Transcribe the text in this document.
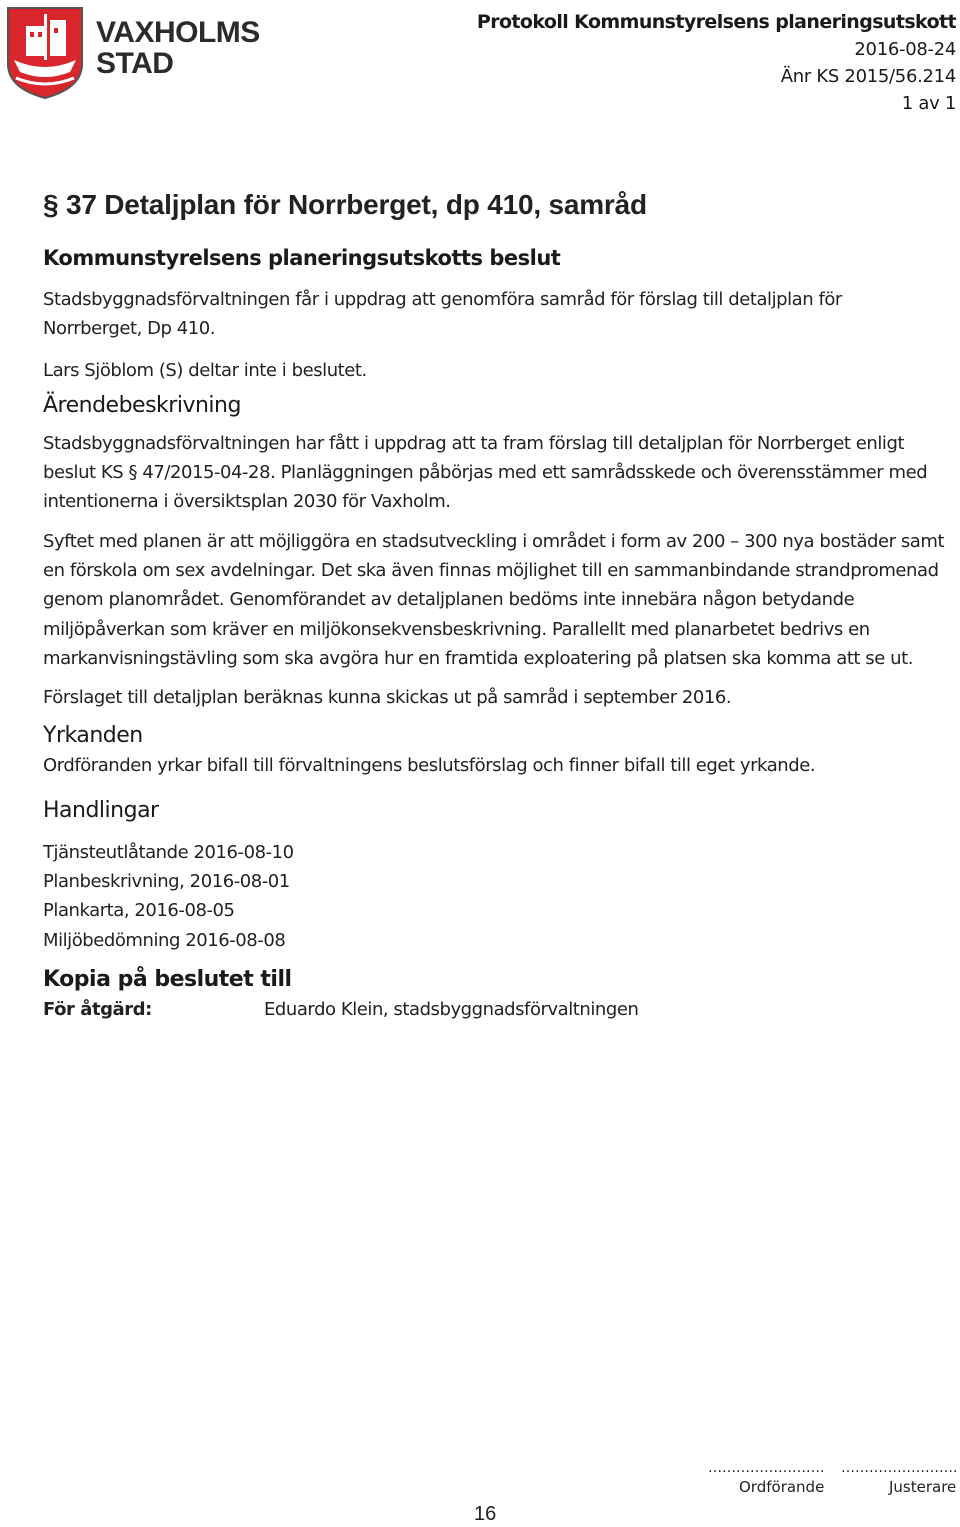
VAXHOLMS
STAD
Protokoll Kommunstyrelsens planeringsutskott
2016-08-24
Änr KS 2015/56.214
1 av 1
§ 37 Detaljplan för Norrberget, dp 410, samråd
Kommunstyrelsens planeringsutskotts beslut

Stadsbyggnadsförvaltningen får i uppdrag att genomföra samråd för förslag till detaljplan för Norrberget, Dp 410.

Lars Sjöblom (S) deltar inte i beslutet.

Ärendebeskrivning

Stadsbyggnadsförvaltningen har fått i uppdrag att ta fram förslag till detaljplan för Norrberget enligt beslut KS § 47/2015-04-28. Planläggningen påbörjas med ett samrådsskede och överensstämmer med intentionerna i översiktsplan 2030 för Vaxholm.

Syftet med planen är att möjliggöra en stadsutveckling i området i form av 200 – 300 nya bostäder samt en förskola om sex avdelningar. Det ska även finnas möjlighet till en sammanbindande strandpromenad genom planområdet. Genomförandet av detaljplanen bedöms inte innebära någon betydande miljöpåverkan som kräver en miljökonsekvensbeskrivning. Parallellt med planarbetet bedrivs en markanvisningstävling som ska avgöra hur en framtida exploatering på platsen ska komma att se ut.

Förslaget till detaljplan beräknas kunna skickas ut på samråd i september 2016.

Yrkanden

Ordföranden yrkar bifall till förvaltningens beslutsförslag och finner bifall till eget yrkande.

Handlingar

Tjänsteutlåtande 2016-08-10

Planbeskrivning, 2016-08-01

Plankarta, 2016-08-05

Miljöbedömning 2016-08-08

Kopia på beslutet till

För åtgärd:	Eduardo Klein, stadsbyggnadsförvaltningen

……………………. …………………….
Ordförande	Justerare
16
